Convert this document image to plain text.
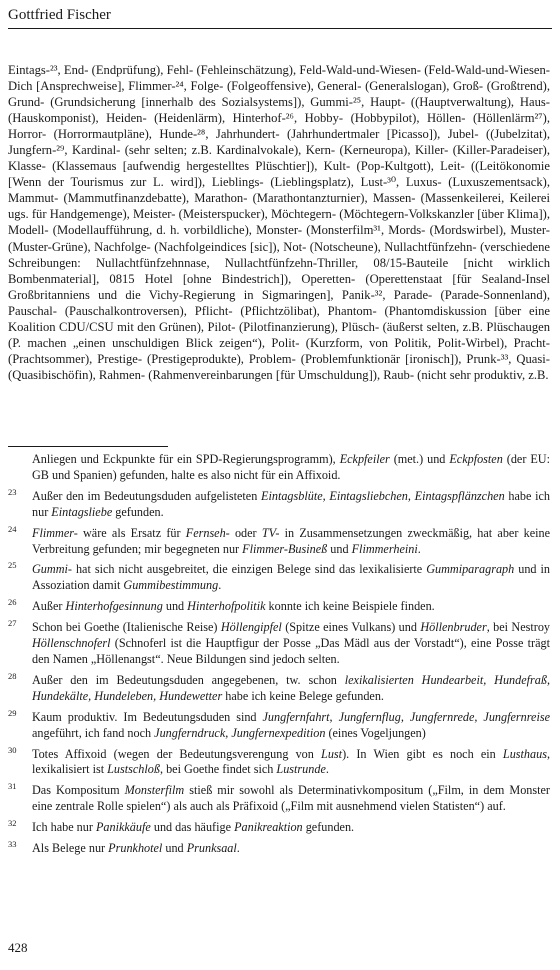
Gottfried Fischer

Eintags-²³, End- (Endprüfung), Fehl- (Fehleinschätzung), Feld-Wald-und-Wiesen- (Feld-Wald-und-Wiesen-Dich [Ansprechweise], Flimmer-²⁴, Folge- (Folgeoffensive), General- (Generalslogan), Groß- (Großtrend), Grund- (Grundsicherung [innerhalb des Sozialsystems]), Gummi-²⁵, Haupt- ((Hauptverwaltung), Haus- (Hauskomponist), Heiden- (Heidenlärm), Hinterhof-²⁶, Hobby- (Hobbypilot), Höllen- (Höllenlärm²⁷), Horror- (Horrormautpläne), Hunde-²⁸, Jahrhundert- (Jahrhundertmaler [Picasso]), Jubel- ((Jubelzitat), Jungfern-²⁹, Kardinal- (sehr selten; z.B. Kardinalvokale), Kern- (Kerneuropa), Killer- (Killer-Paradeiser), Klasse- (Klassemaus [aufwendig hergestelltes Plüschtier]), Kult- (Pop-Kultgott), Leit- ((Leitökonomie [Wenn der Tourismus zur L. wird]), Lieblings- (Lieblingsplatz), Lust-³⁰, Luxus- (Luxuszementsack), Mammut- (Mammutfinanzdebatte), Marathon- (Marathontanzturnier), Massen- (Massenkeilerei, Keilerei ugs. für Handgemenge), Meister- (Meisterspucker), Möchtegern- (Möchtegern-Volkskanzler [über Klima]), Modell- (Modellaufführung, d. h. vorbildliche), Monster- (Monsterfilm³¹, Mords- (Mordswirbel), Muster- (Muster-Grüne), Nachfolge- (Nachfolgeindices [sic]), Not- (Notscheune), Nullachtfünfzehn- (verschiedene Schreibungen: Nullachtfünfzehnnase, Nullachtfünfzehn-Thriller, 08/15-Bauteile [nicht wirklich Bombenmaterial], 0815 Hotel [ohne Bindestrich]), Operetten- (Operettenstaat [für Sealand-Insel Großbritanniens und die Vichy-Regierung in Sigmaringen], Panik-³², Parade- (Parade-Sonnenland), Pauschal- (Pauschalkontroversen), Pflicht- (Pflichtzölibat), Phantom- (Phantomdiskussion [über eine Koalition CDU/CSU mit den Grünen), Pilot- (Pilotfinanzierung), Plüsch- (äußerst selten, z.B. Plüschaugen (P. machen „einen unschuldigen Blick zeigen“), Polit- (Kurzform, von Politik, Polit-Wirbel), Pracht- (Prachtsommer), Prestige- (Prestigeprodukte), Problem- (Problemfunktionär [ironisch]), Prunk-³³, Quasi- (Quasibischöfin), Rahmen- (Rahmenvereinbarungen [für Umschuldung]), Raub- (nicht sehr produktiv, z.B.

Anliegen und Eckpunkte für ein SPD-Regierungsprogramm), Eckpfeiler (met.) und Eckpfosten (der EU: GB und Spanien) gefunden, halte es also nicht für ein Affixoid.

23 Außer den im Bedeutungsduden aufgelisteten Eintagsblüte, Eintagsliebchen, Eintagspflänzchen habe ich nur Eintagsliebe gefunden.

24 Flimmer- wäre als Ersatz für Fernseh- oder TV- in Zusammensetzungen zweckmäßig, hat aber keine Verbreitung gefunden; mir begegneten nur Flimmer-Busineß und Flimmerheini.

25 Gummi- hat sich nicht ausgebreitet, die einzigen Belege sind das lexikalisierte Gummiparagraph und in Assoziation damit Gummibestimmung.

26 Außer Hinterhofgesinnung und Hinterhofpolitik konnte ich keine Beispiele finden.

27 Schon bei Goethe (Italienische Reise) Höllengipfel (Spitze eines Vulkans) und Höllenbruder, bei Nestroy Höllenschnoferl (Schnoferl ist die Hauptfigur der Posse „Das Mädl aus der Vorstadt“), eine Posse trägt den Namen „Höllenangst“. Neue Bildungen sind jedoch selten.

28 Außer den im Bedeutungsduden angegebenen, tw. schon lexikalisierten Hundearbeit, Hundefraß, Hundekälte, Hundeleben, Hundewetter habe ich keine Belege gefunden.

29 Kaum produktiv. Im Bedeutungsduden sind Jungfernfahrt, Jungfernflug, Jungfernrede, Jungfernreise angeführt, ich fand noch Jungferndruck, Jungfernexpedition (eines Vogeljungen)

30 Totes Affixoid (wegen der Bedeutungsverengung von Lust). In Wien gibt es noch ein Lusthaus, lexikalisiert ist Lustschloß, bei Goethe findet sich Lustrunde.

31 Das Kompositum Monsterfilm stieß mir sowohl als Determinativkompositum („Film, in dem Monster eine zentrale Rolle spielen“) als auch als Präfixoid („Film mit ausnehmend vielen Statisten“) auf.

32 Ich habe nur Panikkäufe und das häufige Panikreaktion gefunden.

33 Als Belege nur Prunkhotel und Prunksaal.

428
